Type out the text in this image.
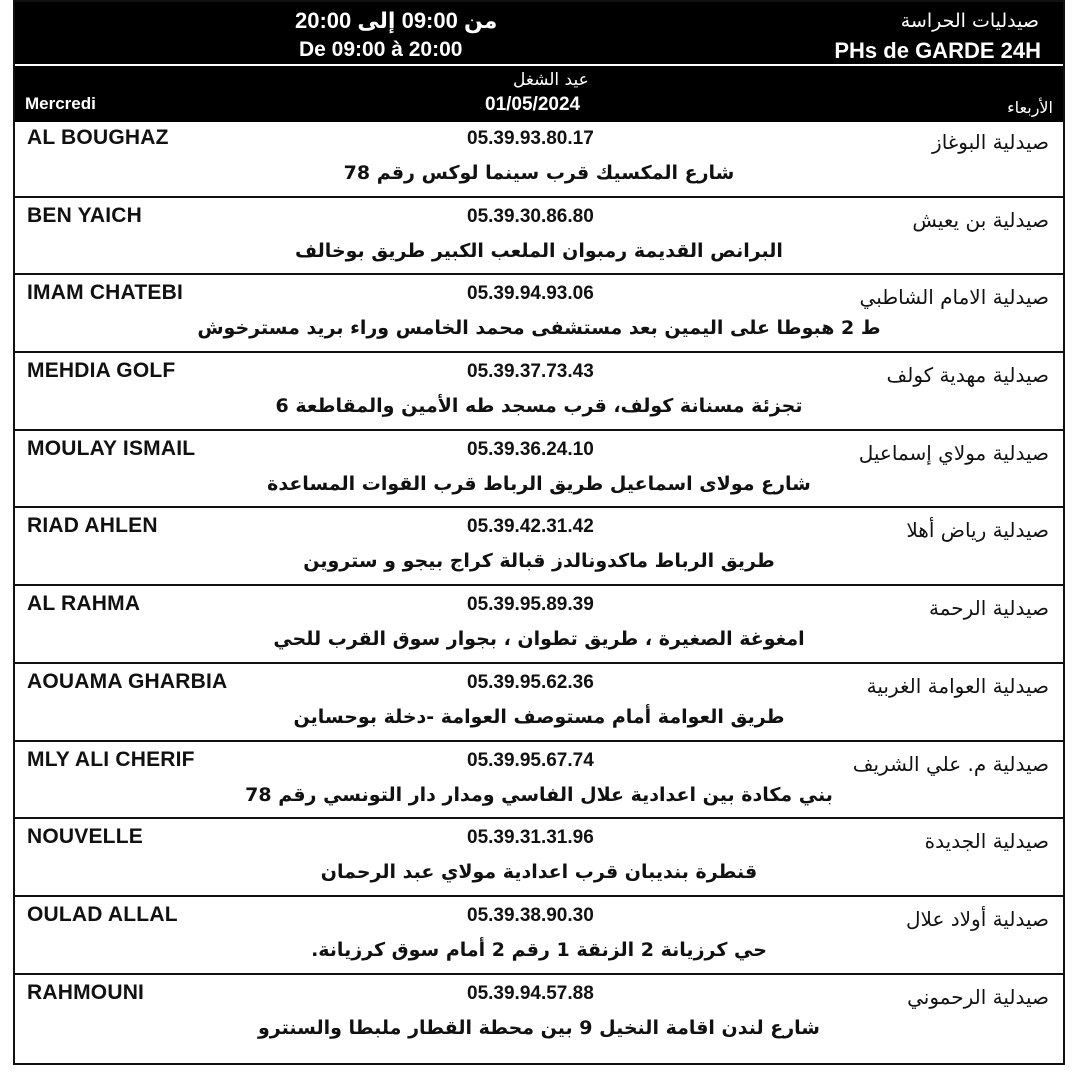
من 09:00 إلى 20:00
De 09:00 à 20:00
صيدليات الحراسة
PHs de GARDE 24H
Mercredi
عيد الشغل
01/05/2024	الأربعاء
AL BOUGHAZ	05.39.93.80.17	صيدلية البوغاز
شارع المكسيك قرب سينما لوكس رقم 78
BEN YAICH	05.39.30.86.80	صيدلية بن يعيش
البرانص القديمة رمبوان الملعب الكبير طريق بوخالف
IMAM CHATEBI	05.39.94.93.06	صيدلية الامام الشاطبي
ط 2 هبوطا على اليمين بعد مستشفى محمد الخامس وراء بريد مسترخوش
MEHDIA GOLF	05.39.37.73.43	صيدلية مهدية كولف
تجزئة مسنانة كولف، قرب مسجد طه الأمين والمقاطعة 6
MOULAY ISMAIL	05.39.36.24.10	صيدلية مولاي إسماعيل
شارع مولاى اسماعيل طريق الرباط قرب القوات المساعدة
RIAD AHLEN	05.39.42.31.42	صيدلية رياض أهلا
طريق الرباط ماكدونالدز قبالة كراج بيجو و ستروين
AL RAHMA	05.39.95.89.39	صيدلية الرحمة
امغوغة الصغيرة ، طريق تطوان ، بجوار سوق القرب للحي
AOUAMA GHARBIA	05.39.95.62.36	صيدلية العوامة الغربية
طريق العوامة أمام مستوصف العوامة -دخلة بوحساين
MLY ALI CHERIF	05.39.95.67.74	صيدلية م. علي الشريف
بني مكادة بين اعدادية علال الفاسي ومدار دار التونسي رقم 78
NOUVELLE	05.39.31.31.96	صيدلية الجديدة
قنطرة بنديبان قرب اعدادية مولاي عبد الرحمان
OULAD ALLAL	05.39.38.90.30	صيدلية أولاد علال
حي كرزيانة 2 الزنقة 1 رقم 2 أمام سوق كرزيانة.
RAHMOUNI	05.39.94.57.88	صيدلية الرحموني
شارع لندن اقامة النخيل 9 بين محطة القطار ملبطا والسنترو
